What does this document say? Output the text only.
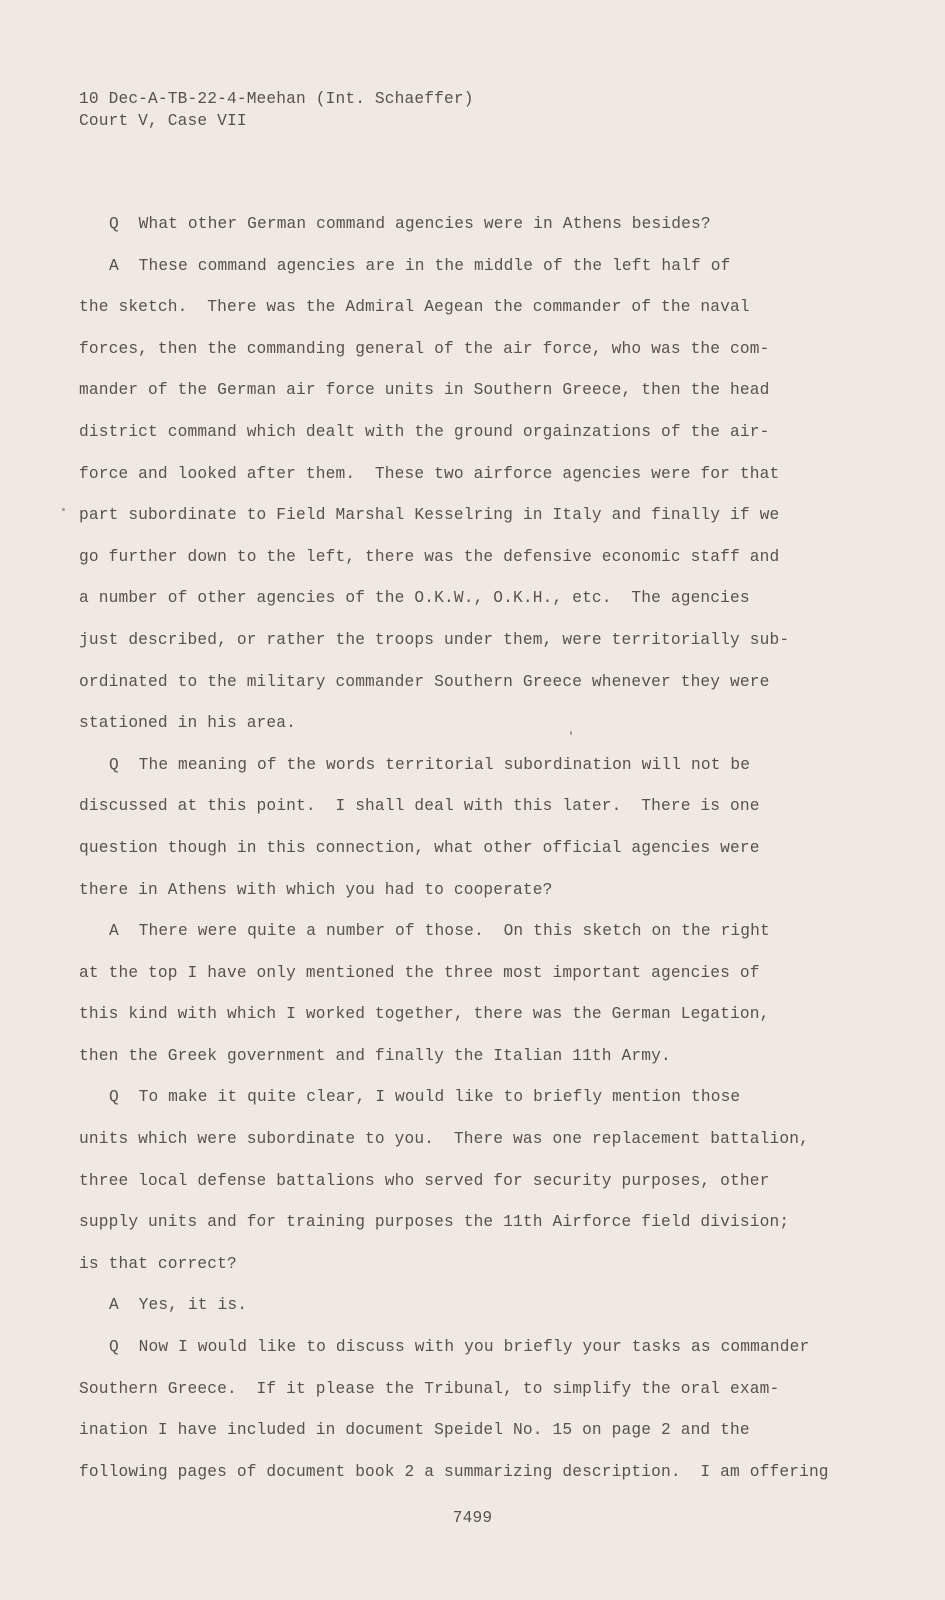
10 Dec-A-TB-22-4-Meehan (Int. Schaeffer)
Court V, Case VII
Q  What other German command agencies were in Athens besides?
A  These command agencies are in the middle of the left half of
the sketch.  There was the Admiral Aegean the commander of the naval
forces, then the commanding general of the air force, who was the com-
mander of the German air force units in Southern Greece, then the head
district command which dealt with the ground orgainzations of the air-
force and looked after them.  These two airforce agencies were for that
part subordinate to Field Marshal Kesselring in Italy and finally if we
go further down to the left, there was the defensive economic staff and
a number of other agencies of the O.K.W., O.K.H., etc.  The agencies
just described, or rather the troops under them, were territorially sub-
ordinated to the military commander Southern Greece whenever they were
stationed in his area.
Q  The meaning of the words territorial subordination will not be
discussed at this point.  I shall deal with this later.  There is one
question though in this connection, what other official agencies were
there in Athens with which you had to cooperate?
A  There were quite a number of those.  On this sketch on the right
at the top I have only mentioned the three most important agencies of
this kind with which I worked together, there was the German Legation,
then the Greek government and finally the Italian 11th Army.
Q  To make it quite clear, I would like to briefly mention those
units which were subordinate to you.  There was one replacement battalion,
three local defense battalions who served for security purposes, other
supply units and for training purposes the 11th Airforce field division;
is that correct?
A  Yes, it is.
Q  Now I would like to discuss with you briefly your tasks as commander
Southern Greece.  If it please the Tribunal, to simplify the oral exam-
ination I have included in document Speidel No. 15 on page 2 and the
following pages of document book 2 a summarizing description.  I am offering
7499
